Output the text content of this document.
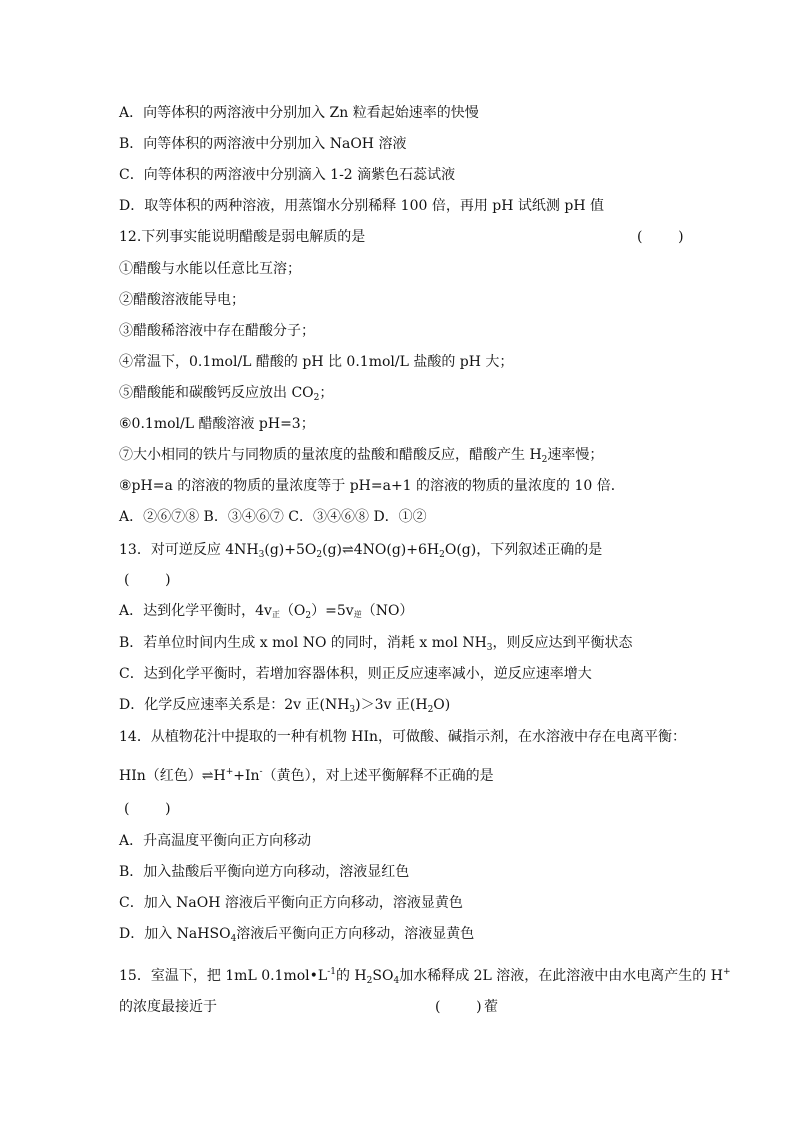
A．向等体积的两溶液中分别加入 Zn 粒看起始速率的快慢
B．向等体积的两溶液中分别加入 NaOH 溶液
C．向等体积的两溶液中分别滴入 1-2 滴紫色石蕊试液
D．取等体积的两种溶液，用蒸馏水分别稀释 100 倍，再用 pH 试纸测 pH 值
12.下列事实能说明醋酸是弱电解质的是	(        )
①醋酸与水能以任意比互溶；
②醋酸溶液能导电；
③醋酸稀溶液中存在醋酸分子；
④常温下，0.1mol/L 醋酸的 pH 比 0.1mol/L 盐酸的 pH 大；
⑤醋酸能和碳酸钙反应放出 $CO_2$；
⑥0.1mol/L 醋酸溶液 pH=3；
⑦大小相同的铁片与同物质的量浓度的盐酸和醋酸反应，醋酸产生 $H_2$速率慢；
⑧pH=a 的溶液的物质的量浓度等于 pH=a+1 的溶液的物质的量浓度的 10 倍．
A．②⑥⑦⑧ B．③④⑥⑦ C．③④⑥⑧ D．①②
13．对可逆反应 $4NH_3(g)+5O_2(g)\rightleftharpoons 4NO(g)+6H_2O(g)$，下列叙述正确的是
(        )
A．达到化学平衡时，4v正$(O_2)=5v$逆（NO）
B．若单位时间内生成 x mol NO 的同时，消耗 x mol $NH_3$，则反应达到平衡状态
C．达到化学平衡时，若增加容器体积，则正反应速率减小，逆反应速率增大
D．化学反应速率关系是：2v 正$(NH_3)>3v$ 正$(H_2O)$
14．从植物花汁中提取的一种有机物 HIn，可做酸、碱指示剂，在水溶液中存在电离平衡：
HIn（红色）⇌H++In-（黄色），对上述平衡解释不正确的是
(        )
A．升高温度平衡向正方向移动
B．加入盐酸后平衡向逆方向移动，溶液显红色
C．加入 NaOH 溶液后平衡向正方向移动，溶液显黄色
D．加入 NaHSO$_4$溶液后平衡向正方向移动，溶液显黄色
15．室温下，把 1mL $0.1mol•L^{-1}$的 $H_2SO_4$加水稀释成 2L 溶液，在此溶液中由水电离产生的 H+
的浓度最接近于	(        ) 蒮
